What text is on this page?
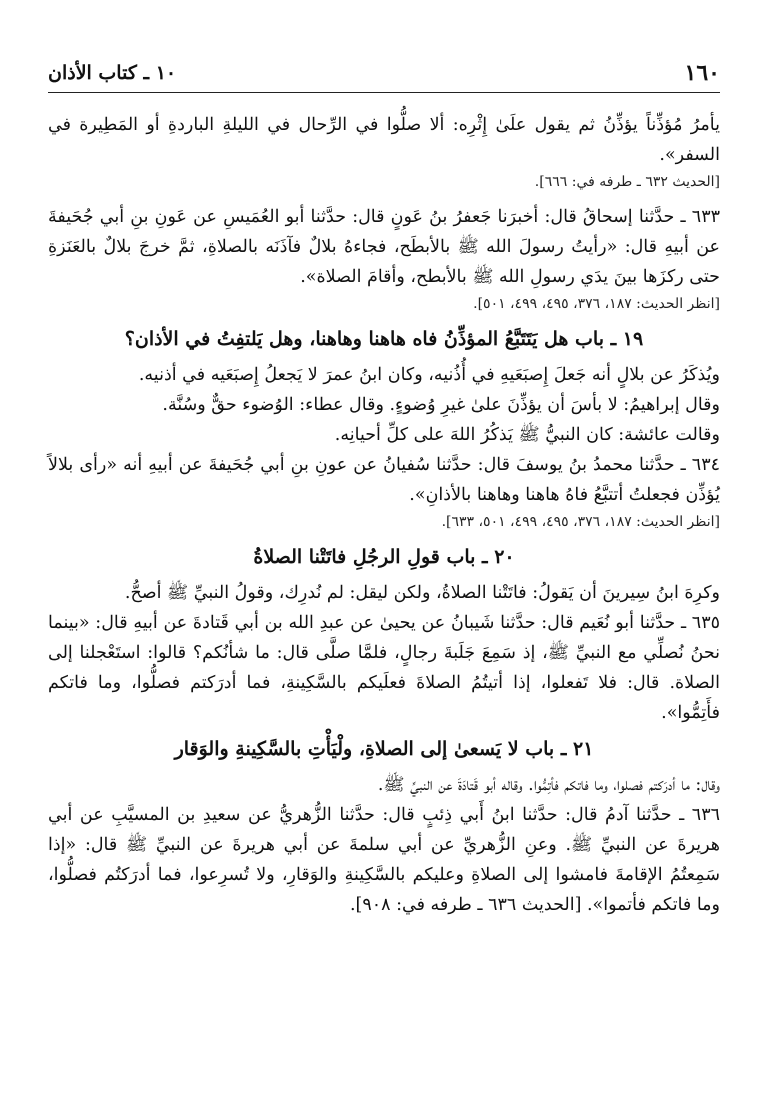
١٦٠
١٠ ـ كتاب الأذان

يأمرُ مُؤذِّناً يؤذِّنُ ثم يقول علَىٰ إِثْرِه: ألا صلُّوا في الرِّحال في الليلةِ الباردةِ أو المَطِيرة في السفر».

[الحديث ٦٣٢ ـ طرفه في: ٦٦٦].

٦٣٣ ـ حدَّثنا إسحاقُ قال: أخبرَنا جَعفرُ بنُ عَونٍ قال: حدَّثنا أبو العُمَيسِ عن عَونِ بنِ أبي جُحَيفةَ عن أبيهِ قال: «رأيتُ رسولَ الله ﷺ بالأبطَح، فجاءهُ بلالٌ فآذَنَه بالصلاةِ، ثمَّ خرجَ بلالٌ بالعَنَزةِ حتى ركزَها بينَ يدَي رسولِ الله ﷺ بالأبطح، وأقامَ الصلاة».

[انظر الحديث: ١٨٧، ٣٧٦، ٤٩٥، ٤٩٩، ٥٠١].

١٩ ـ باب هل يَتَتَبَّعُ المؤذِّنُ فاه هاهنا وهاهنا، وهل يَلتفِتُ في الأذان؟

ويُذكَرُ عن بلالٍ أنه جَعلَ إِصبَعَيهِ في أُذُنيه، وكان ابنُ عمرَ لا يَجعلُ إِصبَعَيه في أذنيه.

وقال إبراهيمُ: لا بأسَ أن يؤذِّنَ علىٰ غيرِ وُضوءٍ. وقال عطاء: الوُضوء حقٌّ وسُنَّة.

وقالت عائشة: كان النبيُّ ﷺ يَذكُرُ اللهَ على كلِّ أحيانِه.

٦٣٤ ـ حدَّثنا محمدُ بنُ يوسفَ قال: حدَّثنا سُفيانُ عن عونِ بنِ أبي جُحَيفةَ عن أبيهِ أنه «رأى بلالاً يُؤذِّن فجعلتُ أتتبَّعُ فاهُ هاهنا وهاهنا بالأذانِ».

[انظر الحديث: ١٨٧، ٣٧٦، ٤٩٥، ٤٩٩، ٥٠١، ٦٣٣].

٢٠ ـ باب قولِ الرجُلِ فاتَتْنا الصلاةُ

وكرِهَ ابنُ سِيرينَ أن يَقولُ: فاتَتْنا الصلاةُ، ولكن ليقل: لم نُدرِك، وقولُ النبيِّ ﷺ أصحُّ.

٦٣٥ ـ حدَّثنا أبو نُعَيم قال: حدَّثنا شَيبانُ عن يحيىٰ عن عبدِ الله بن أبي قَتادةَ عن أبيهِ قال: «بينما نحنُ نُصلِّي مع النبيِّ ﷺ، إذ سَمِعَ جَلَبةَ رجالٍ، فلمَّا صلَّى قال: ما شأنُكم؟ قالوا: استَعْجلنا إلى الصلاة. قال: فلا تَفعلوا، إذا أتيتُمُ الصلاةَ فعلَيكم بالسَّكِينةِ، فما أدرَكتم فصلُّوا، وما فاتكم فأَتِمُّوا».

٢١ ـ باب لا يَسعىٰ إلى الصلاةِ، ولْيَأْتِ بالسَّكِينةِ والوَقار

وقال: ما أدرَكتم فصلوا، وما فاتكم فأتِمُّوا. وقاله أبو قَتادَةَ عن النبيِّ ﷺ.

٦٣٦ ـ حدَّثنا آدمُ قال: حدَّثنا ابنُ أَبي ذِئبٍ قال: حدَّثنا الزُّهريُّ عن سعيدِ بن المسيَّبِ عن أبي هريرةَ عن النبيِّ ﷺ. وعنِ الزُّهريِّ عن أبي سلمةَ عن أبي هريرةَ عن النبيِّ ﷺ قال: «إذا سَمِعتُمُ الإقامةَ فامشوا إلى الصلاةِ وعليكم بالسَّكِينةِ والوَقارِ، ولا تُسرِعوا، فما أدرَكتُم فصلُّوا، وما فاتكم فأتموا». [الحديث ٦٣٦ ـ طرفه في: ٩٠٨].
